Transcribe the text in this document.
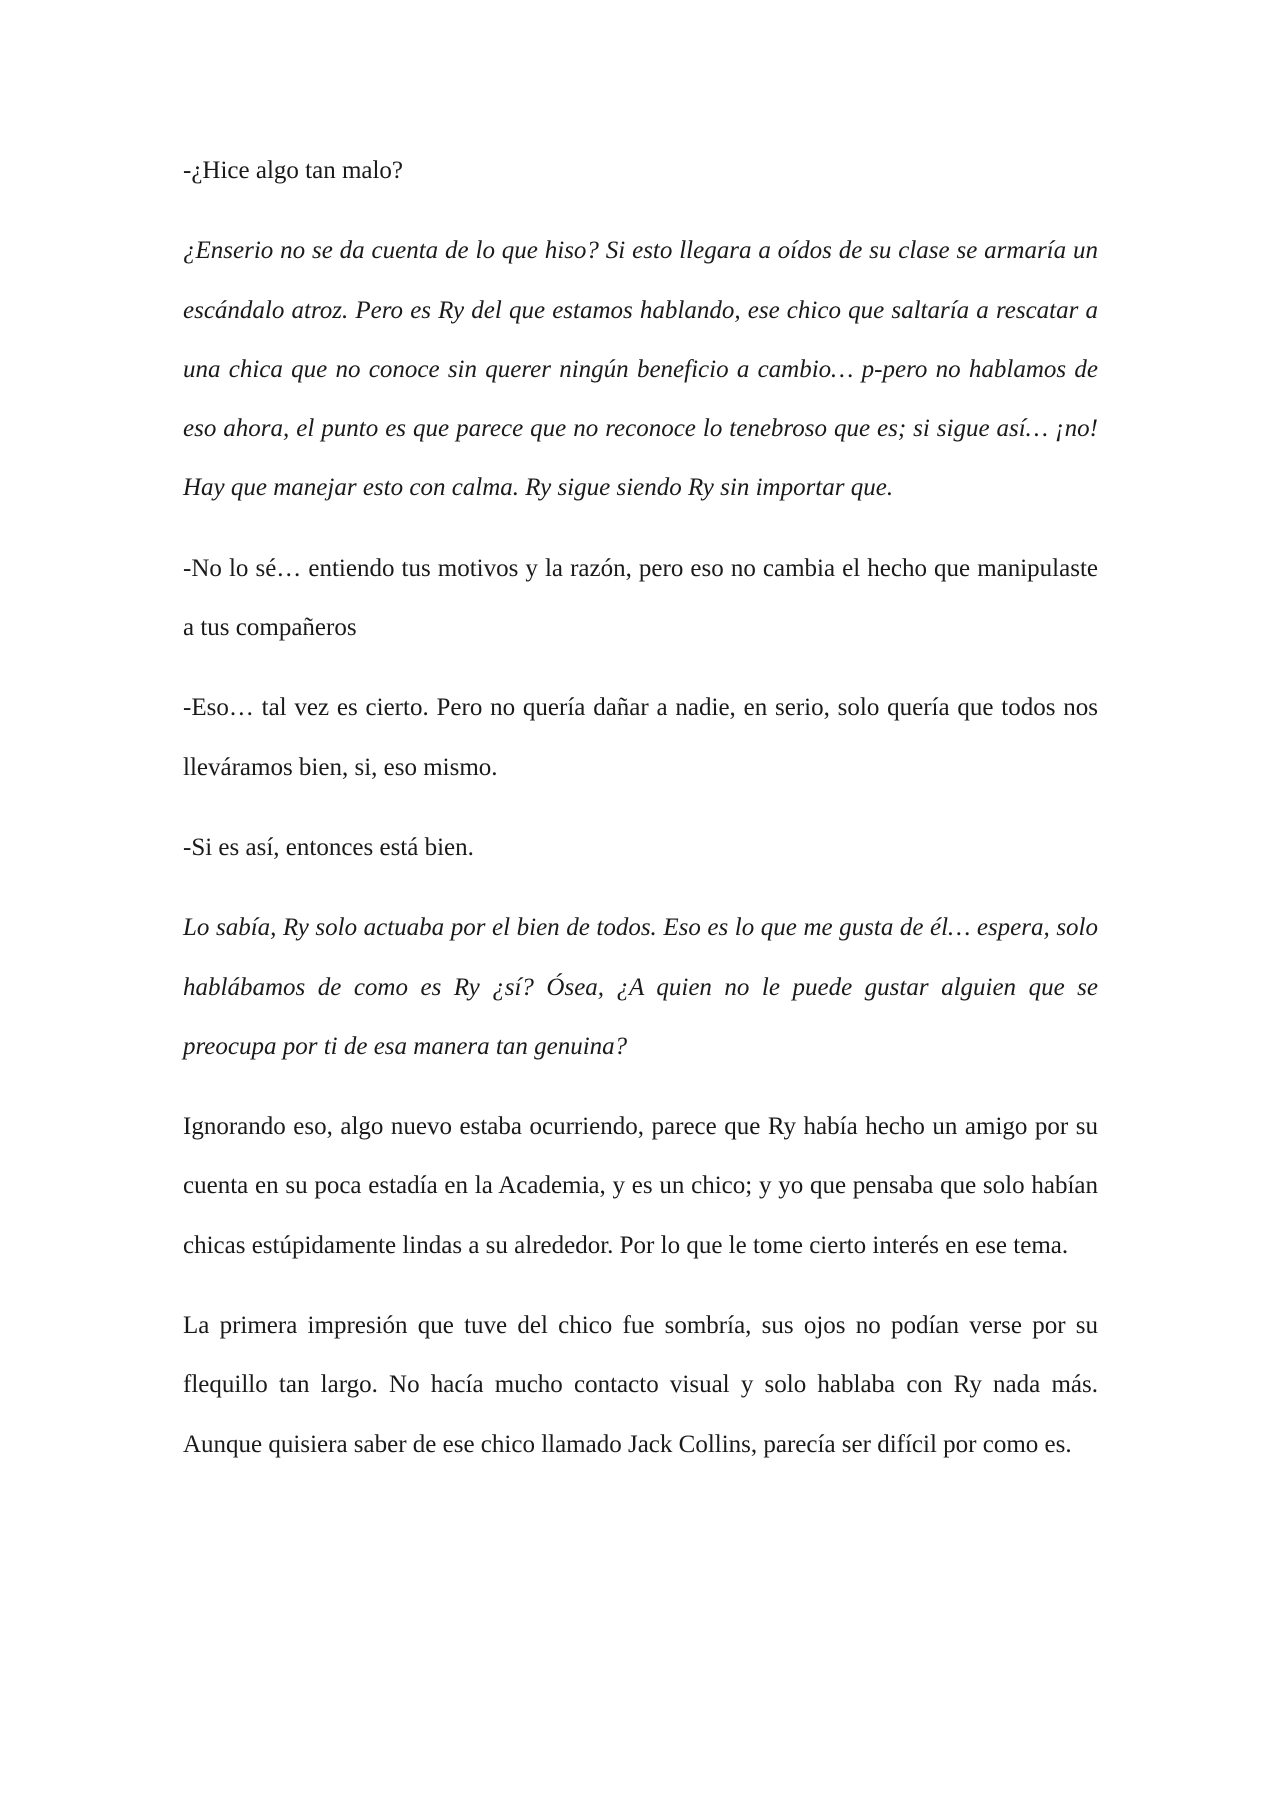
-¿Hice algo tan malo?

¿Enserio no se da cuenta de lo que hiso? Si esto llegara a oídos de su clase se armaría un escándalo atroz. Pero es Ry del que estamos hablando, ese chico que saltaría a rescatar a una chica que no conoce sin querer ningún beneficio a cambio… p-pero no hablamos de eso ahora, el punto es que parece que no reconoce lo tenebroso que es; si sigue así… ¡no! Hay que manejar esto con calma. Ry sigue siendo Ry sin importar que.

-No lo sé… entiendo tus motivos y la razón, pero eso no cambia el hecho que manipulaste a tus compañeros

-Eso… tal vez es cierto. Pero no quería dañar a nadie, en serio, solo quería que todos nos lleváramos bien, si, eso mismo.

-Si es así, entonces está bien.

Lo sabía, Ry solo actuaba por el bien de todos. Eso es lo que me gusta de él… espera, solo hablábamos de como es Ry ¿sí? Ósea, ¿A quien no le puede gustar alguien que se preocupa por ti de esa manera tan genuina?

Ignorando eso, algo nuevo estaba ocurriendo, parece que Ry había hecho un amigo por su cuenta en su poca estadía en la Academia, y es un chico; y yo que pensaba que solo habían chicas estúpidamente lindas a su alrededor. Por lo que le tome cierto interés en ese tema.

La primera impresión que tuve del chico fue sombría, sus ojos no podían verse por su flequillo tan largo. No hacía mucho contacto visual y solo hablaba con Ry nada más. Aunque quisiera saber de ese chico llamado Jack Collins, parecía ser difícil por como es.
